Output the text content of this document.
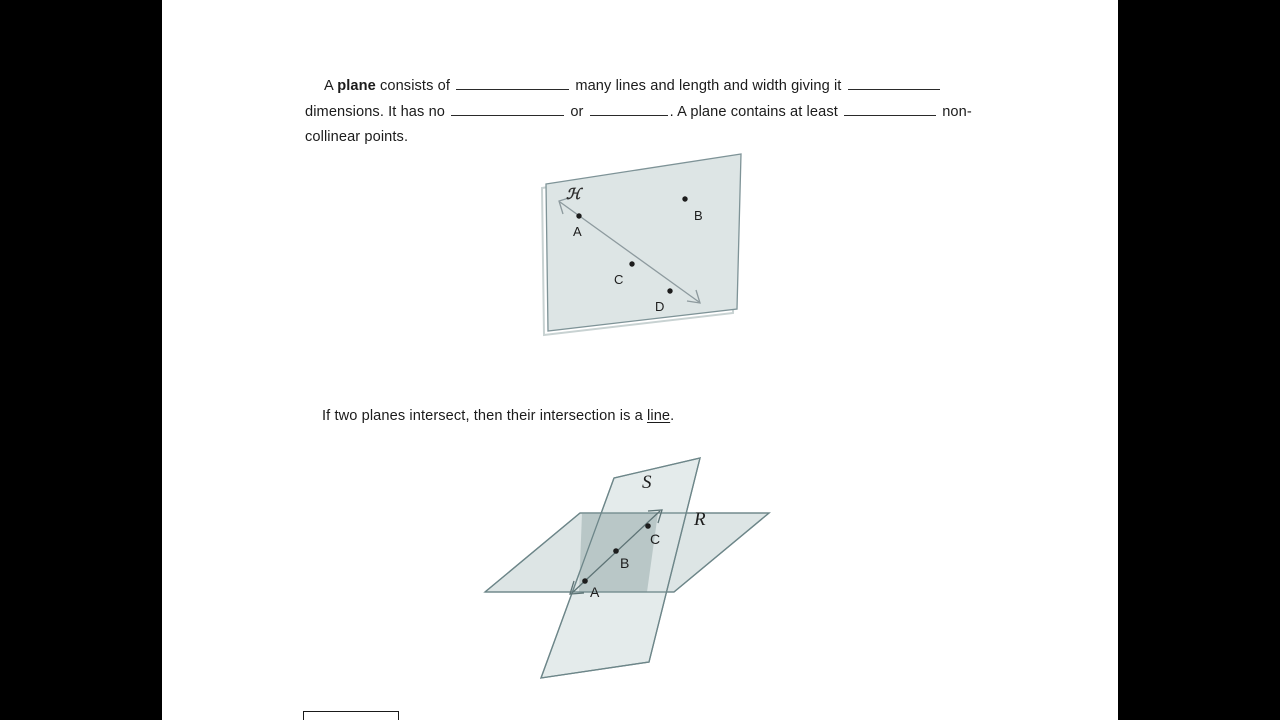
A plane consists of	many lines and length and width giving it  dimensions. It has no	or	. A plane contains at least	non-collinear points.
ℋ
A
B
C
D
S
R
A
B
C
If two planes intersect, then their intersection is a line.
